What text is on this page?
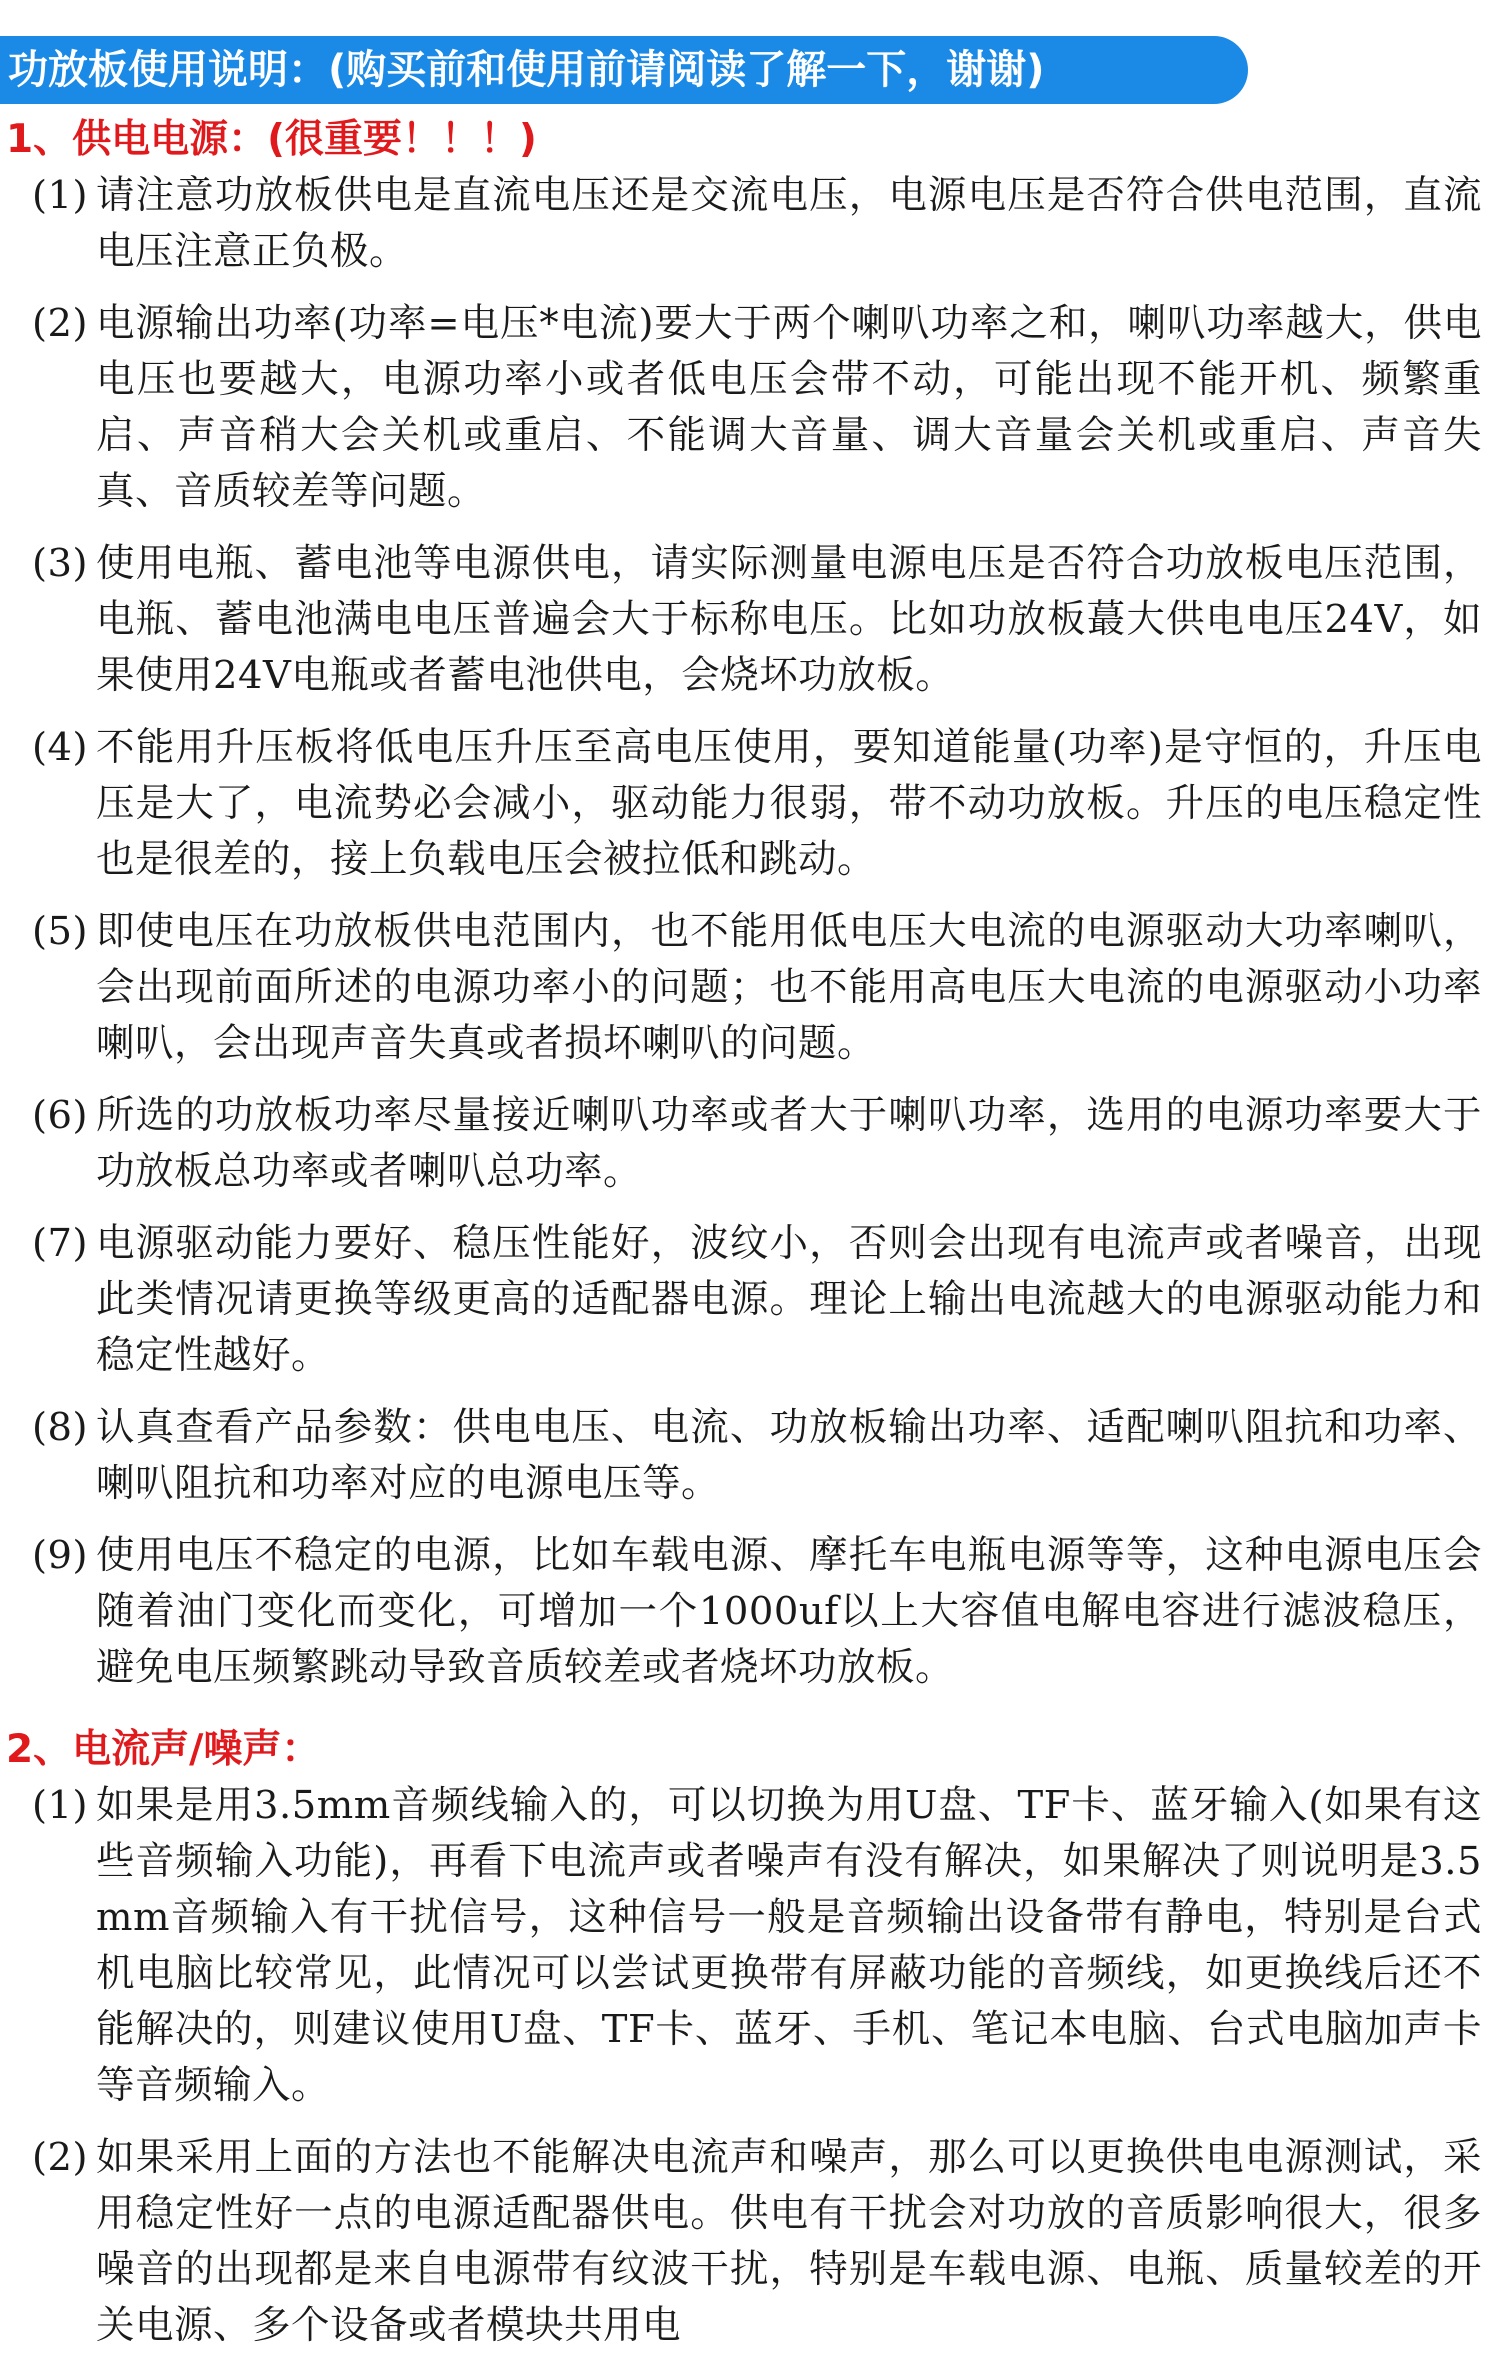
功放板使用说明：(购买前和使用前请阅读了解一下，谢谢)
1、供电电源：(很重要！！！)
(1) 请注意功放板供电是直流电压还是交流电压，电源电压是否符合供电范围，直流电压注意正负极。
(2) 电源输出功率(功率=电压*电流)要大于两个喇叭功率之和，喇叭功率越大，供电电压也要越大，电源功率小或者低电压会带不动，可能出现不能开机、频繁重启、声音稍大会关机或重启、不能调大音量、调大音量会关机或重启、声音失真、音质较差等问题。
(3) 使用电瓶、蓄电池等电源供电，请实际测量电源电压是否符合功放板电压范围，电瓶、蓄电池满电电压普遍会大于标称电压。比如功放板蕞大供电电压24V，如果使用24V电瓶或者蓄电池供电，会烧坏功放板。
(4) 不能用升压板将低电压升压至高电压使用，要知道能量(功率)是守恒的，升压电压是大了，电流势必会减小，驱动能力很弱，带不动功放板。升压的电压稳定性也是很差的，接上负载电压会被拉低和跳动。
(5) 即使电压在功放板供电范围内，也不能用低电压大电流的电源驱动大功率喇叭，会出现前面所述的电源功率小的问题；也不能用高电压大电流的电源驱动小功率喇叭，会出现声音失真或者损坏喇叭的问题。
(6) 所选的功放板功率尽量接近喇叭功率或者大于喇叭功率，选用的电源功率要大于功放板总功率或者喇叭总功率。
(7) 电源驱动能力要好、稳压性能好，波纹小，否则会出现有电流声或者噪音，出现此类情况请更换等级更高的适配器电源。理论上输出电流越大的电源驱动能力和稳定性越好。
(8) 认真查看产品参数：供电电压、电流、功放板输出功率、适配喇叭阻抗和功率、喇叭阻抗和功率对应的电源电压等。
(9) 使用电压不稳定的电源，比如车载电源、摩托车电瓶电源等等，这种电源电压会随着油门变化而变化，可增加一个1000uf以上大容值电解电容进行滤波稳压，避免电压频繁跳动导致音质较差或者烧坏功放板。
2、电流声/噪声：
(1) 如果是用3.5mm音频线输入的，可以切换为用U盘、TF卡、蓝牙输入(如果有这些音频输入功能)，再看下电流声或者噪声有没有解决，如果解决了则说明是3.5mm音频输入有干扰信号，这种信号一般是音频输出设备带有静电，特别是台式机电脑比较常见，此情况可以尝试更换带有屏蔽功能的音频线，如更换线后还不能解决的，则建议使用U盘、TF卡、蓝牙、手机、笔记本电脑、台式电脑加声卡等音频输入。
(2) 如果采用上面的方法也不能解决电流声和噪声，那么可以更换供电电源测试，采用稳定性好一点的电源适配器供电。供电有干扰会对功放的音质影响很大，很多噪音的出现都是来自电源带有纹波干扰，特别是车载电源、电瓶、质量较差的开关电源、多个设备或者模块共用电
